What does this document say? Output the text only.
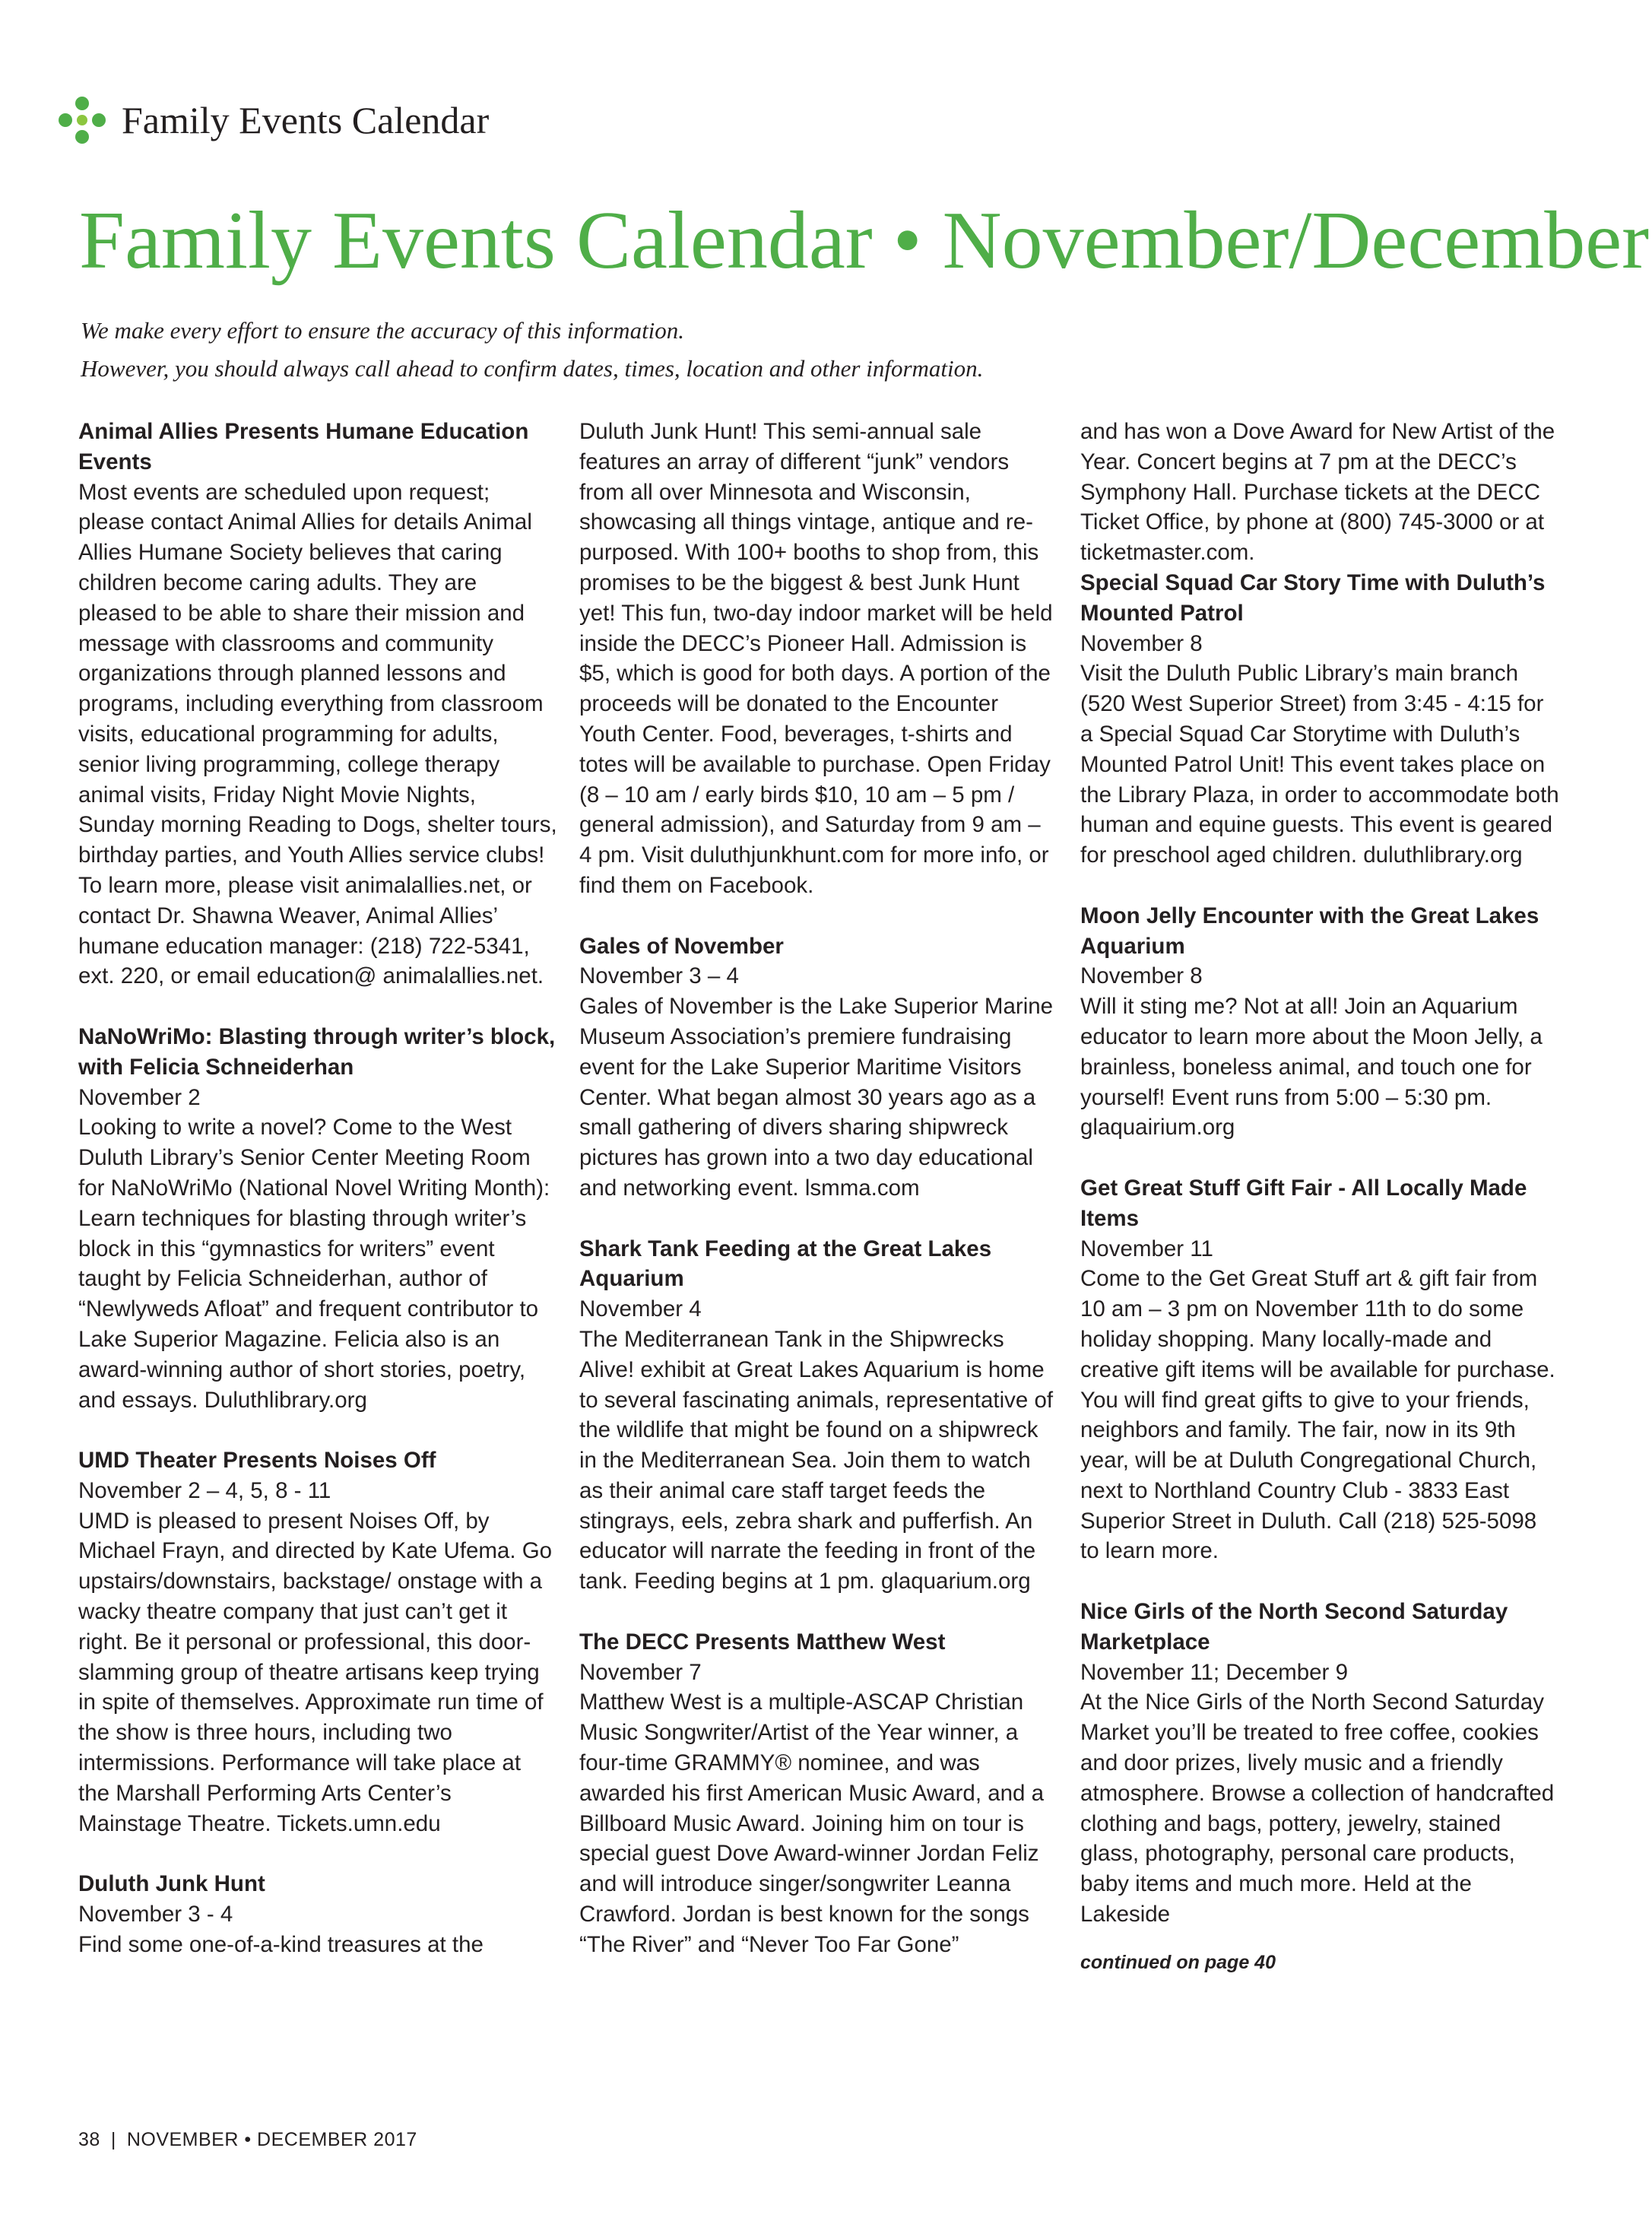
Family Events Calendar
Family Events Calendar • November/December
We make every effort to ensure the accuracy of this information.
However, you should always call ahead to confirm dates, times, location and other information.
Animal Allies Presents Humane Education Events
Most events are scheduled upon request; please contact Animal Allies for details Animal Allies Humane Society believes that caring children become caring adults. They are pleased to be able to share their mission and message with classrooms and community organizations through planned lessons and programs, including everything from classroom visits, educational programming for adults, senior living programming, college therapy animal visits, Friday Night Movie Nights, Sunday morning Reading to Dogs, shelter tours, birthday parties, and Youth Allies service clubs! To learn more, please visit animalallies.net, or contact Dr. Shawna Weaver, Animal Allies’ humane education manager: (218) 722-5341, ext. 220, or email education@ animalallies.net.
NaNoWriMo: Blasting through writer’s block, with Felicia Schneiderhan
November 2
Looking to write a novel? Come to the West Duluth Library’s Senior Center Meeting Room for NaNoWriMo (National Novel Writing Month): Learn techniques for blasting through writer’s block in this “gymnastics for writers” event taught by Felicia Schneiderhan, author of “Newlyweds Afloat” and frequent contributor to Lake Superior Magazine. Felicia also is an award-winning author of short stories, poetry, and essays. Duluthlibrary.org
UMD Theater Presents Noises Off
November 2 – 4, 5, 8 - 11
UMD is pleased to present Noises Off, by Michael Frayn, and directed by Kate Ufema. Go upstairs/downstairs, backstage/ onstage with a wacky theatre company that just can’t get it right. Be it personal or professional, this door-slamming group of theatre artisans keep trying in spite of themselves. Approximate run time of the show is three hours, including two intermissions. Performance will take place at the Marshall Performing Arts Center’s Mainstage Theatre. Tickets.umn.edu
Duluth Junk Hunt
November 3 - 4
Find some one-of-a-kind treasures at the
Duluth Junk Hunt! This semi-annual sale features an array of different “junk” vendors from all over Minnesota and Wisconsin, showcasing all things vintage, antique and re-purposed. With 100+ booths to shop from, this promises to be the biggest & best Junk Hunt yet! This fun, two-day indoor market will be held inside the DECC’s Pioneer Hall. Admission is $5, which is good for both days. A portion of the proceeds will be donated to the Encounter Youth Center. Food, beverages, t-shirts and totes will be available to purchase. Open Friday (8 – 10 am / early birds $10, 10 am – 5 pm / general admission), and Saturday from 9 am – 4 pm. Visit duluthjunkhunt.com for more info, or find them on Facebook.
Gales of November
November 3 – 4
Gales of November is the Lake Superior Marine Museum Association’s premiere fundraising event for the Lake Superior Maritime Visitors Center. What began almost 30 years ago as a small gathering of divers sharing shipwreck pictures has grown into a two day educational and networking event. lsmma.com
Shark Tank Feeding at the Great Lakes Aquarium
November 4
The Mediterranean Tank in the Shipwrecks Alive! exhibit at Great Lakes Aquarium is home to several fascinating animals, representative of the wildlife that might be found on a shipwreck in the Mediterranean Sea. Join them to watch as their animal care staff target feeds the stingrays, eels, zebra shark and pufferfish. An educator will narrate the feeding in front of the tank. Feeding begins at 1 pm. glaquarium.org
The DECC Presents Matthew West
November 7
Matthew West is a multiple-ASCAP Christian Music Songwriter/Artist of the Year winner, a four-time GRAMMY® nominee, and was awarded his first American Music Award, and a Billboard Music Award. Joining him on tour is special guest Dove Award-winner Jordan Feliz and will introduce singer/songwriter Leanna Crawford. Jordan is best known for the songs “The River” and “Never Too Far Gone”
and has won a Dove Award for New Artist of the Year. Concert begins at 7 pm at the DECC’s Symphony Hall. Purchase tickets at the DECC Ticket Office, by phone at (800) 745-3000 or at ticketmaster.com.
Special Squad Car Story Time with Duluth’s Mounted Patrol
November 8
Visit the Duluth Public Library’s main branch (520 West Superior Street) from 3:45 - 4:15 for a Special Squad Car Storytime with Duluth’s Mounted Patrol Unit! This event takes place on the Library Plaza, in order to accommodate both human and equine guests. This event is geared for preschool aged children. duluthlibrary.org
Moon Jelly Encounter with the Great Lakes Aquarium
November 8
Will it sting me? Not at all! Join an Aquarium educator to learn more about the Moon Jelly, a brainless, boneless animal, and touch one for yourself! Event runs from 5:00 – 5:30 pm. glaquairium.org
Get Great Stuff Gift Fair - All Locally Made Items
November 11
Come to the Get Great Stuff art & gift fair from 10 am – 3 pm on November 11th to do some holiday shopping. Many locally-made and creative gift items will be available for purchase. You will find great gifts to give to your friends, neighbors and family. The fair, now in its 9th year, will be at Duluth Congregational Church, next to Northland Country Club - 3833 East Superior Street in Duluth. Call (218) 525-5098 to learn more.
Nice Girls of the North Second Saturday Marketplace
November 11; December 9
At the Nice Girls of the North Second Saturday Market you’ll be treated to free coffee, cookies and door prizes, lively music and a friendly atmosphere. Browse a collection of handcrafted clothing and bags, pottery, jewelry, stained glass, photography, personal care products, baby items and much more. Held at the Lakeside
continued on page 40
38 | NOVEMBER • DECEMBER 2017
